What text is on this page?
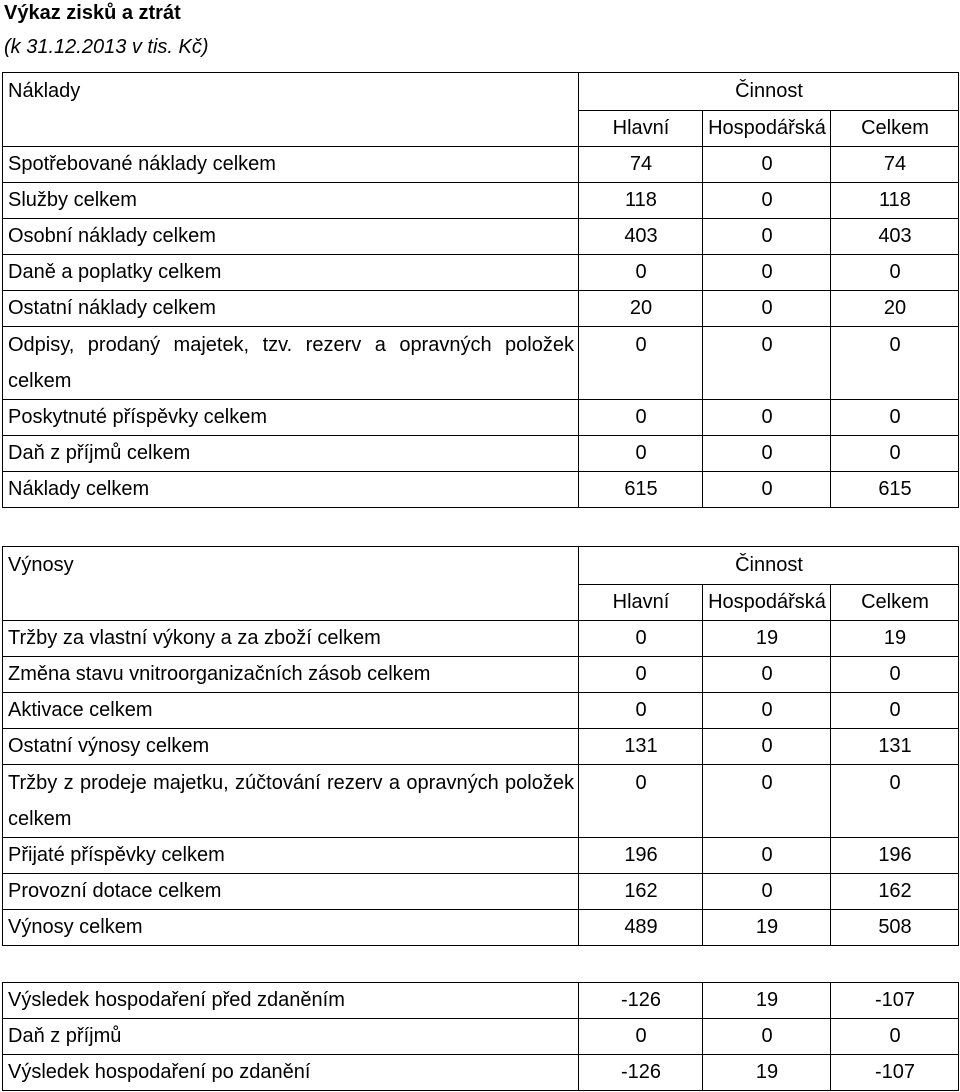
Výkaz zisků a ztrát
(k 31.12.2013 v tis. Kč)
Náklady	Činnost		
	Hlavní	Hospodářská	Celkem
Spotřebované náklady celkem	74	0	74
Služby celkem	118	0	118
Osobní náklady celkem	403	0	403
Daně a poplatky celkem	0	0	0
Ostatní náklady celkem	20	0	20
Odpisy, prodaný majetek, tzv. rezerv a opravných položek celkem	0	0	0
Poskytnuté příspěvky celkem	0	0	0
Daň z příjmů celkem	0	0	0
Náklady celkem	615	0	615
Výnosy	Činnost		
	Hlavní	Hospodářská	Celkem
Tržby za vlastní výkony a za zboží celkem	0	19	19
Změna stavu vnitroorganizačních zásob celkem	0	0	0
Aktivace celkem	0	0	0
Ostatní výnosy celkem	131	0	131
Tržby z prodeje majetku, zúčtování rezerv a opravných položek celkem	0	0	0
Přijaté příspěvky celkem	196	0	196
Provozní dotace celkem	162	0	162
Výnosy celkem	489	19	508
Výsledek hospodaření před zdaněním	-126	19	-107
Daň z příjmů	0	0	0
Výsledek hospodaření po zdanění	-126	19	-107
